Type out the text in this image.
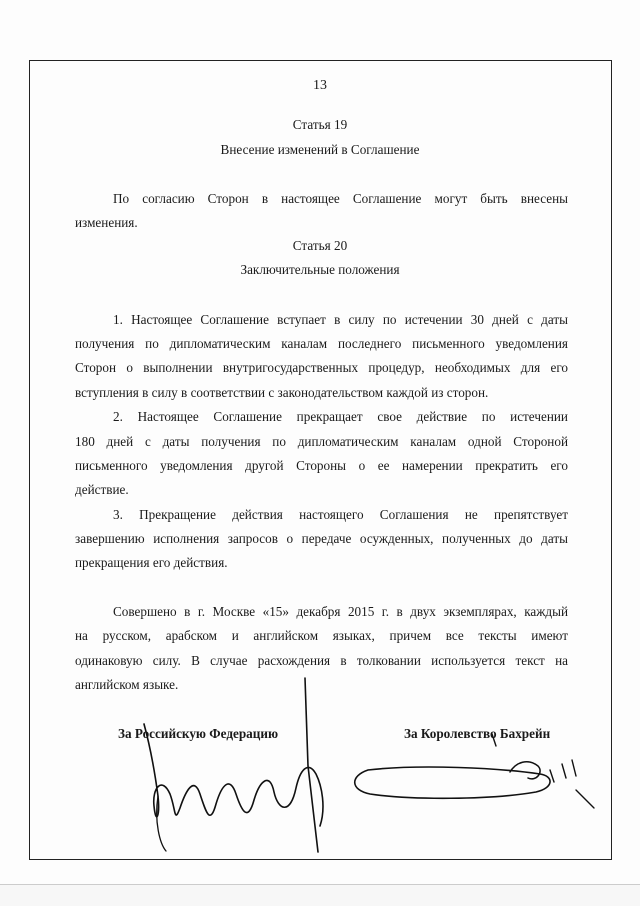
13
Статья 19
Внесение изменений в Соглашение
По согласию Сторон в настоящее Соглашение могут быть внесены
изменения.
Статья 20
Заключительные положения
1. Настоящее Соглашение вступает в силу по истечении 30 дней с даты
получения по дипломатическим каналам последнего письменного уведомления
Сторон о выполнении внутригосударственных процедур, необходимых для его
вступления в силу в соответствии с законодательством каждой из сторон.
2. Настоящее Соглашение прекращает свое действие по истечении
180 дней с даты получения по дипломатическим каналам одной Стороной
письменного уведомления другой Стороны о ее намерении прекратить его
действие.
3. Прекращение действия настоящего Соглашения не препятствует
завершению исполнения запросов о передаче осужденных, полученных до даты
прекращения его действия.
Совершено в г. Москве «15» декабря 2015 г. в двух экземплярах, каждый
на русском, арабском и английском языках, причем все тексты имеют
одинаковую силу. В случае расхождения в толковании используется текст на
английском языке.
За Российскую Федерацию	За Королевство Бахрейн
